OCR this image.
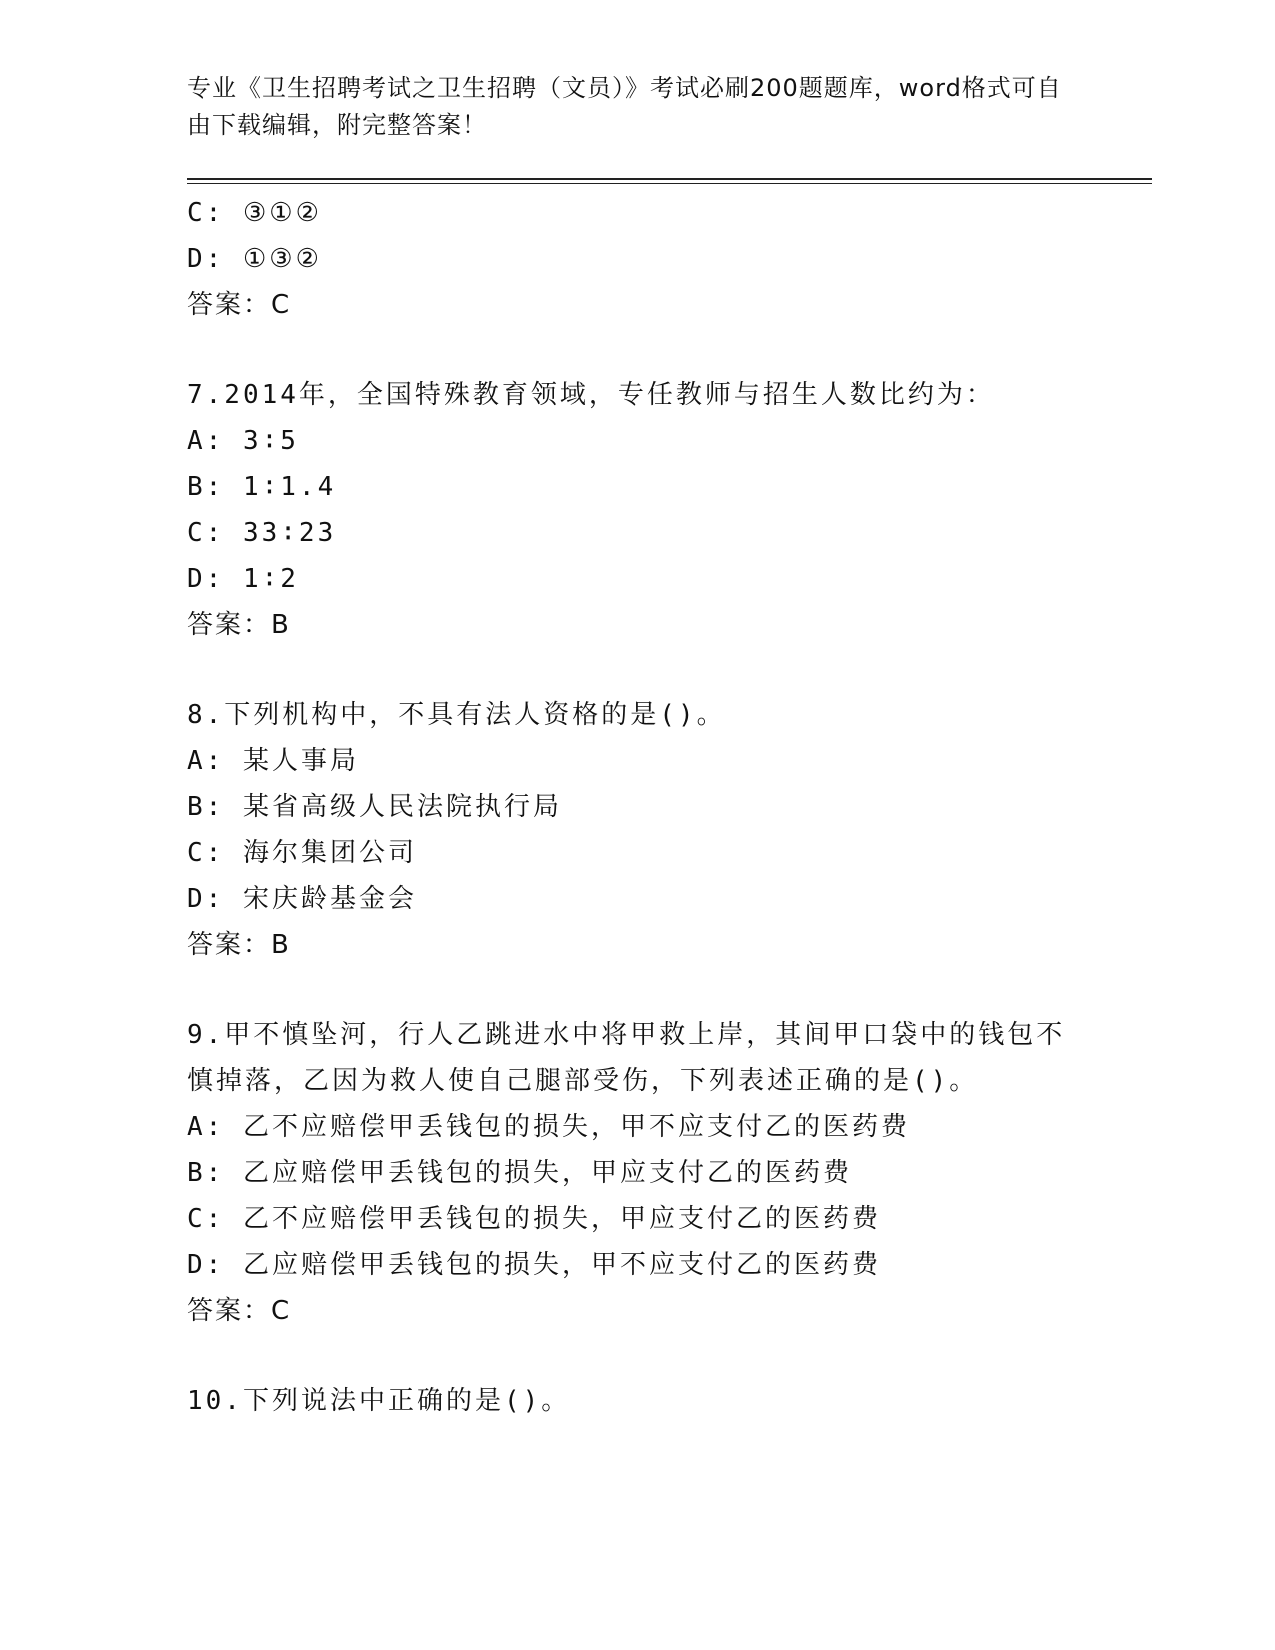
专业《卫生招聘考试之卫生招聘（文员）》考试必刷200题题库，word格式可自由下载编辑，附完整答案！
C: ③①②
D: ①③②
答案：C
7.2014年，全国特殊教育领域，专任教师与招生人数比约为：
A: 3∶5
B: 1∶1.4
C: 33∶23
D: 1∶2
答案：B
8.下列机构中，不具有法人资格的是()。
A: 某人事局
B: 某省高级人民法院执行局
C: 海尔集团公司
D: 宋庆龄基金会
答案：B
9.甲不慎坠河，行人乙跳进水中将甲救上岸，其间甲口袋中的钱包不慎掉落，乙因为救人使自己腿部受伤，下列表述正确的是()。
A: 乙不应赔偿甲丢钱包的损失，甲不应支付乙的医药费
B: 乙应赔偿甲丢钱包的损失，甲应支付乙的医药费
C: 乙不应赔偿甲丢钱包的损失，甲应支付乙的医药费
D: 乙应赔偿甲丢钱包的损失，甲不应支付乙的医药费
答案：C
10.下列说法中正确的是()。
